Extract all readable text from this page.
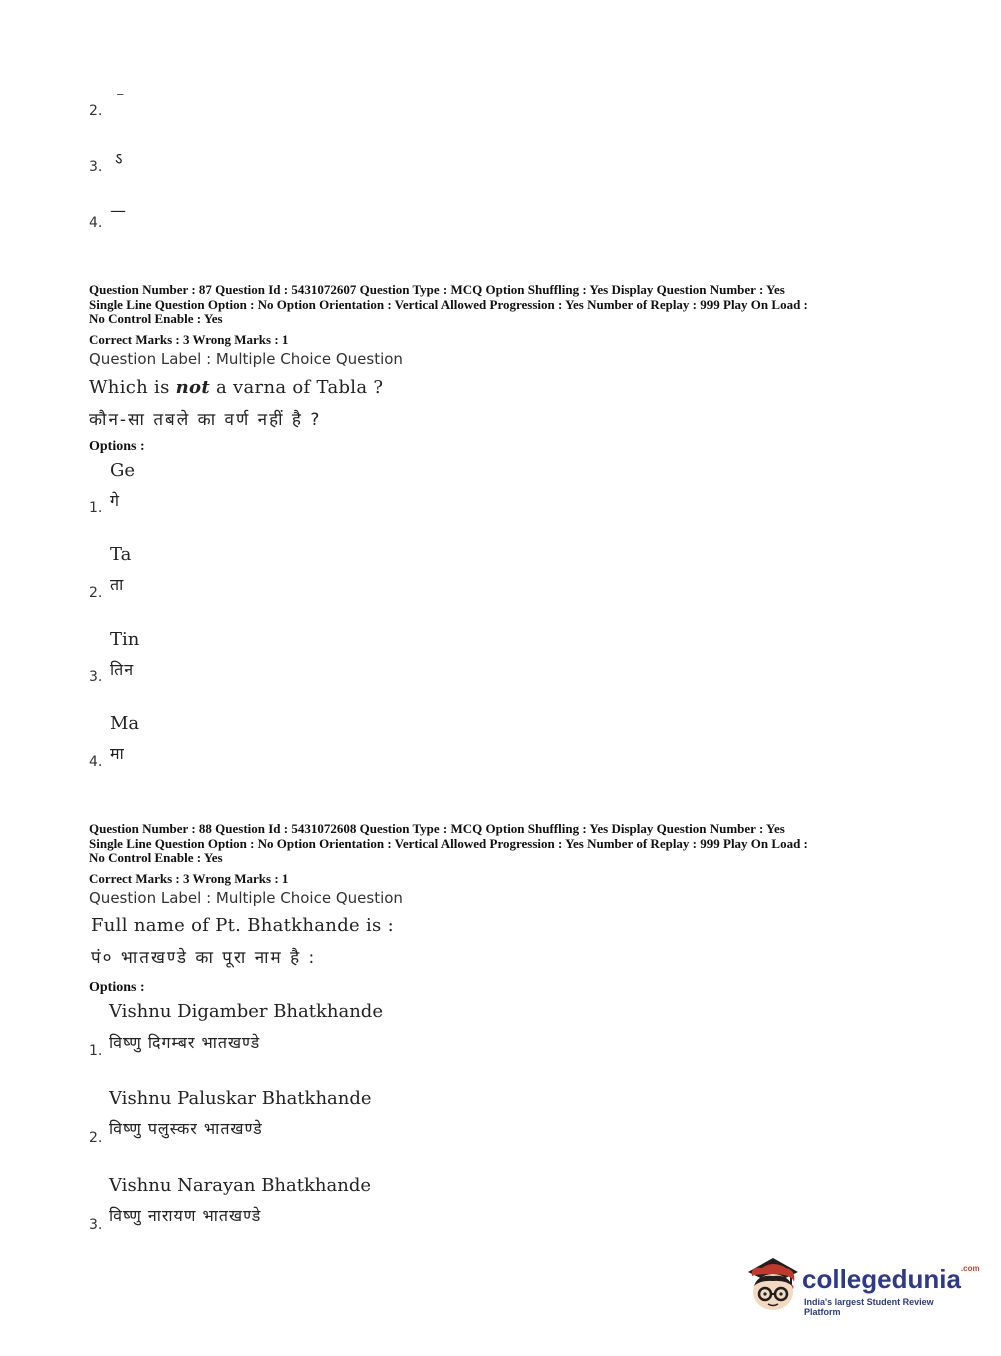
2.
⁻
3. ऽ
4.
—
Question Number : 87 Question Id : 5431072607 Question Type : MCQ Option Shuffling : Yes Display Question Number : Yes
Single Line Question Option : No Option Orientation : Vertical Allowed Progression : Yes Number of Replay : 999 Play On Load :
No Control Enable : Yes
Correct Marks : 3 Wrong Marks : 1
Question Label : Multiple Choice Question
Which is not a varna of Tabla ?
कौन-सा तबले का वर्ण नहीं है ?
Options :
Ge
गे
1.
Ta
ता
2.
Tin
तिन
3.
Ma
मा
4.
Question Number : 88 Question Id : 5431072608 Question Type : MCQ Option Shuffling : Yes Display Question Number : Yes
Single Line Question Option : No Option Orientation : Vertical Allowed Progression : Yes Number of Replay : 999 Play On Load :
No Control Enable : Yes
Correct Marks : 3 Wrong Marks : 1
Question Label : Multiple Choice Question
Full name of Pt. Bhatkhande is :
पं० भातखण्डे का पूरा नाम है :
Options :
Vishnu Digamber Bhatkhande
विष्णु दिगम्बर भातखण्डे
1.
Vishnu Paluskar Bhatkhande
विष्णु पलुस्कर भातखण्डे
2.
Vishnu Narayan Bhatkhande
विष्णु नारायण भातखण्डे
3.
collegedunia$^{.com}$
India's largest Student Review Platform
